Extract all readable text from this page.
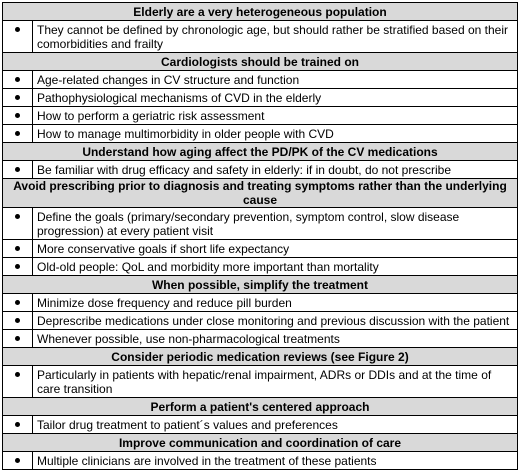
Elderly are a very heterogeneous population	
	They cannot be defined by chronologic age, but should rather be stratified based on their comorbidities and frailty
Cardiologists should be trained on	
	Age-related changes in CV structure and function
	Pathophysiological mechanisms of CVD in the elderly
	How to perform a geriatric risk assessment
	How to manage multimorbidity in older people with CVD
Understand how aging affect the PD/PK of the CV medications	
	Be familiar with drug efficacy and safety in elderly: if in doubt, do not prescribe
Avoid prescribing prior to diagnosis and treating symptoms rather than the underlying cause	
	Define the goals (primary/secondary prevention, symptom control, slow disease progression) at every patient visit
	More conservative goals if short life expectancy
	Old-old people: QoL and morbidity more important than mortality
When possible, simplify the treatment	
	Minimize dose frequency and reduce pill burden
	Deprescribe medications under close monitoring and previous discussion with the patient
	Whenever possible, use non-pharmacological treatments
Consider periodic medication reviews (see Figure 2)	
	Particularly in patients with hepatic/renal impairment, ADRs or DDIs and at the time of care transition
Perform a patient's centered approach	
	Tailor drug treatment to patient´s values and preferences
Improve communication and coordination of care	
	Multiple clinicians are involved in the treatment of these patients
